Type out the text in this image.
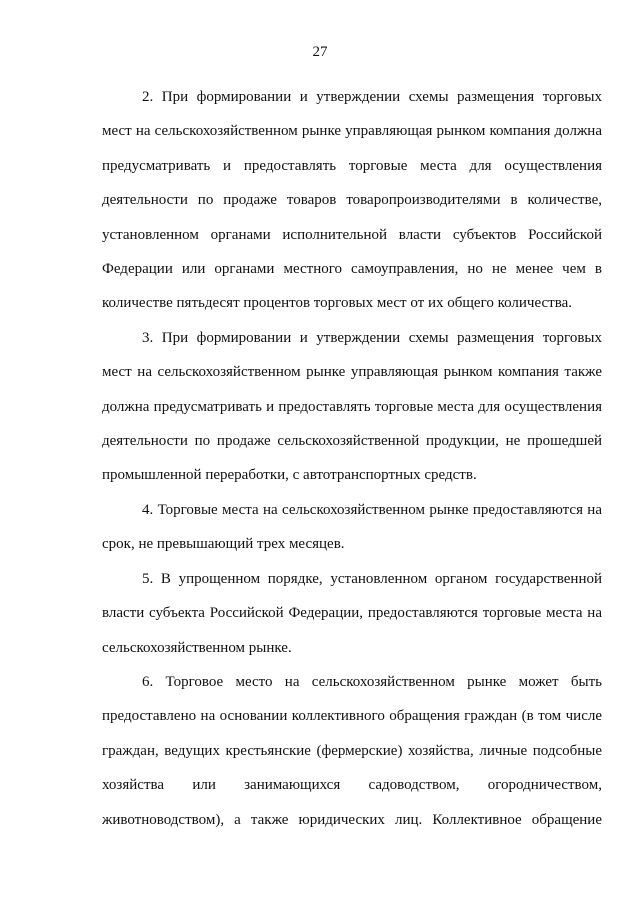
27

2. При формировании и утверждении схемы размещения торговых мест на сельскохозяйственном рынке управляющая рынком компания должна предусматривать и предоставлять торговые места для осуществления деятельности по продаже товаров товаропроизводителями в количестве, установленном органами исполнительной власти субъектов Российской Федерации или органами местного самоуправления, но не менее чем в количестве пятьдесят процентов торговых мест от их общего количества.

3. При формировании и утверждении схемы размещения торговых мест на сельскохозяйственном рынке управляющая рынком компания также должна предусматривать и предоставлять торговые места для осуществления деятельности по продаже сельскохозяйственной продукции, не прошедшей промышленной переработки, с автотранспортных средств.

4. Торговые места на сельскохозяйственном рынке предоставляются на срок, не превышающий трех месяцев.

5. В упрощенном порядке, установленном органом государственной власти субъекта Российской Федерации, предоставляются торговые места на сельскохозяйственном рынке.

6. Торговое место на сельскохозяйственном рынке может быть предоставлено на основании коллективного обращения граждан (в том числе граждан, ведущих крестьянские (фермерские) хозяйства, личные подсобные хозяйства или занимающихся садоводством, огородничеством, животноводством), а также юридических лиц. Коллективное обращение
